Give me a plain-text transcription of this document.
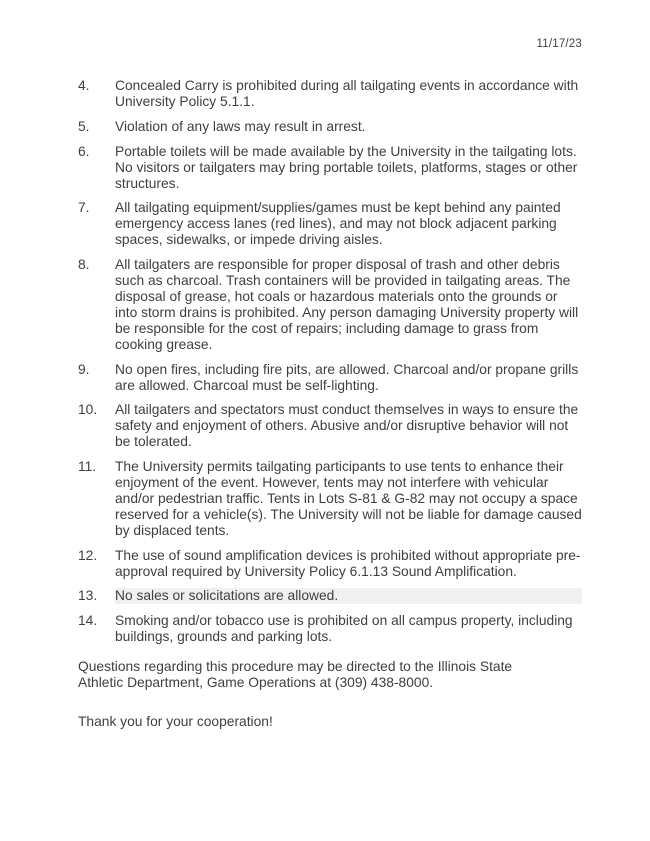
11/17/23

4.	Concealed Carry is prohibited during all tailgating events in accordance with University Policy 5.1.1.
5.	Violation of any laws may result in arrest.
6.	Portable toilets will be made available by the University in the tailgating lots. No visitors or tailgaters may bring portable toilets, platforms, stages or other structures.
7.	All tailgating equipment/supplies/games must be kept behind any painted emergency access lanes (red lines), and may not block adjacent parking spaces, sidewalks, or impede driving aisles.
8.	All tailgaters are responsible for proper disposal of trash and other debris such as charcoal. Trash containers will be provided in tailgating areas. The disposal of grease, hot coals or hazardous materials onto the grounds or into storm drains is prohibited. Any person damaging University property will be responsible for the cost of repairs; including damage to grass from cooking grease.
9.	No open fires, including fire pits, are allowed. Charcoal and/or propane grills are allowed. Charcoal must be self-lighting.
10.	All tailgaters and spectators must conduct themselves in ways to ensure the safety and enjoyment of others. Abusive and/or disruptive behavior will not be tolerated.
11.	The University permits tailgating participants to use tents to enhance their enjoyment of the event. However, tents may not interfere with vehicular and/or pedestrian traffic. Tents in Lots S-81 & G-82 may not occupy a space reserved for a vehicle(s). The University will not be liable for damage caused by displaced tents.
12.	The use of sound amplification devices is prohibited without appropriate pre-approval required by University Policy 6.1.13 Sound Amplification.
13.	No sales or solicitations are allowed.
14.	Smoking and/or tobacco use is prohibited on all campus property, including buildings, grounds and parking lots.

Questions regarding this procedure may be directed to the Illinois State Athletic Department, Game Operations at (309) 438-8000.

Thank you for your cooperation!
